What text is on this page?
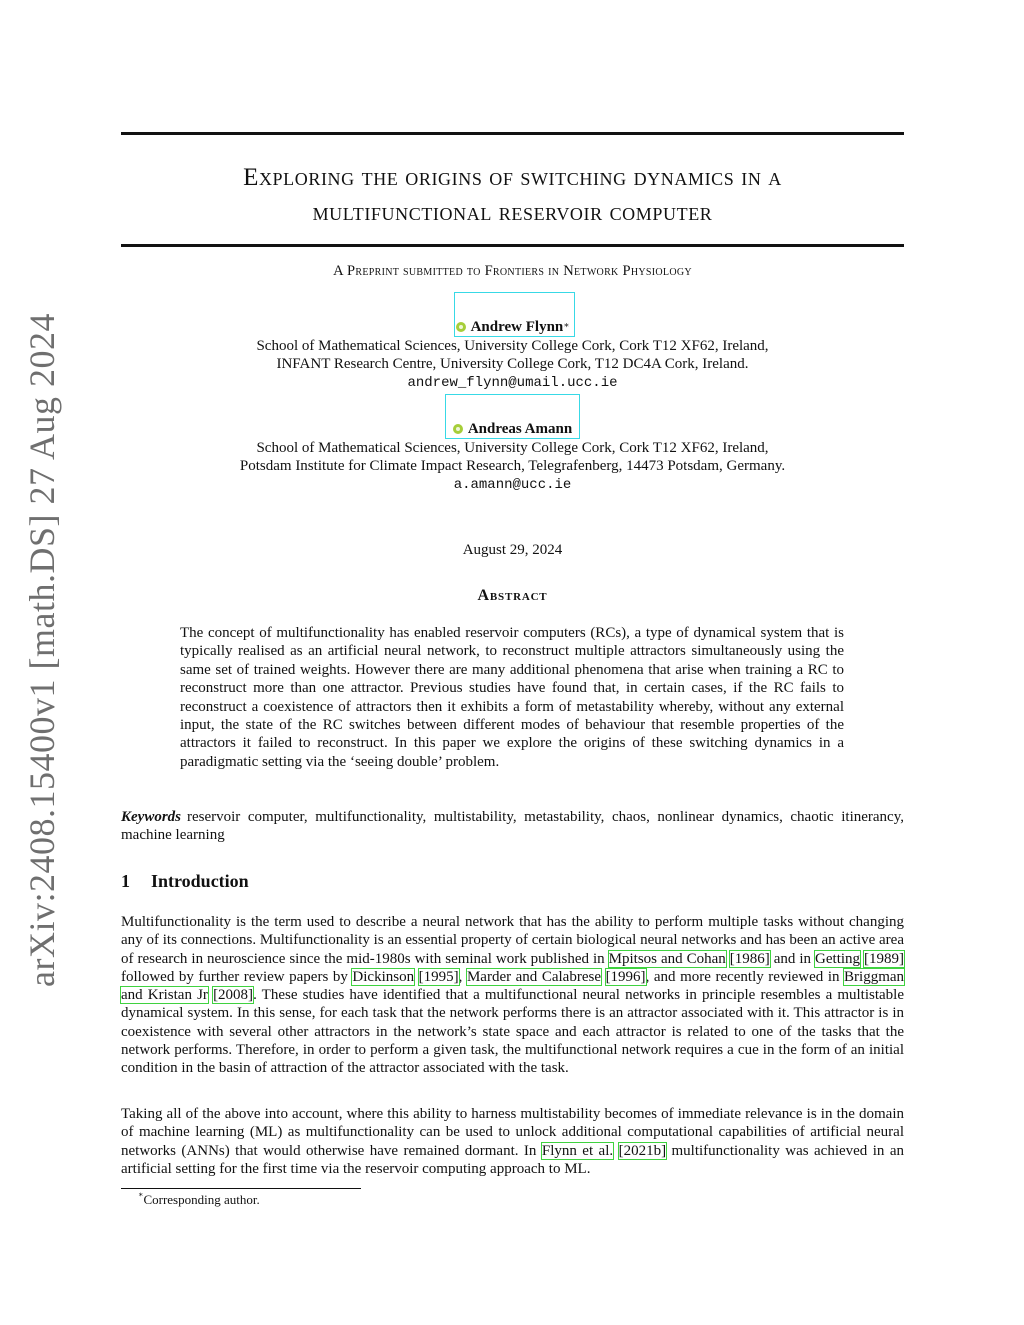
arXiv:2408.15400v1 [math.DS] 27 Aug 2024
Exploring the origins of switching dynamics in a
multifunctional reservoir computer
A Preprint submitted to Frontiers in Network Physiology
Andrew Flynn∗
School of Mathematical Sciences, University College Cork, Cork T12 XF62, Ireland,
INFANT Research Centre, University College Cork, T12 DC4A Cork, Ireland.
andrew_flynn@umail.ucc.ie
Andreas Amann
School of Mathematical Sciences, University College Cork, Cork T12 XF62, Ireland,
Potsdam Institute for Climate Impact Research, Telegrafenberg, 14473 Potsdam, Germany.
a.amann@ucc.ie
August 29, 2024
Abstract
The concept of multifunctionality has enabled reservoir computers (RCs), a type of dynamical system that is typically realised as an artificial neural network, to reconstruct multiple attractors simultaneously using the same set of trained weights. However there are many additional phenomena that arise when training a RC to reconstruct more than one attractor. Previous studies have found that, in certain cases, if the RC fails to reconstruct a coexistence of attractors then it exhibits a form of metastability whereby, without any external input, the state of the RC switches between different modes of behaviour that resemble properties of the attractors it failed to reconstruct. In this paper we explore the origins of these switching dynamics in a paradigmatic setting via the ‘seeing double’ problem.
Keywords reservoir computer, multifunctionality, multistability, metastability, chaos, nonlinear dynamics, chaotic itinerancy, machine learning
1 Introduction
Multifunctionality is the term used to describe a neural network that has the ability to perform multiple tasks without changing any of its connections. Multifunctionality is an essential property of certain biological neural networks and has been an active area of research in neuroscience since the mid-1980s with seminal work published in Mpitsos and Cohan [1986] and in Getting [1989] followed by further review papers by Dickinson [1995], Marder and Calabrese [1996], and more recently reviewed in Briggman and Kristan Jr [2008]. These studies have identified that a multifunctional neural networks in principle resembles a multistable dynamical system. In this sense, for each task that the network performs there is an attractor associated with it. This attractor is in coexistence with several other attractors in the network’s state space and each attractor is related to one of the tasks that the network performs. Therefore, in order to perform a given task, the multifunctional network requires a cue in the form of an initial condition in the basin of attraction of the attractor associated with the task.
Taking all of the above into account, where this ability to harness multistability becomes of immediate relevance is in the domain of machine learning (ML) as multifunctionality can be used to unlock additional computational capabilities of artificial neural networks (ANNs) that would otherwise have remained dormant. In Flynn et al. [2021b] multifunctionality was achieved in an artificial setting for the first time via the reservoir computing approach to ML.
∗Corresponding author.
